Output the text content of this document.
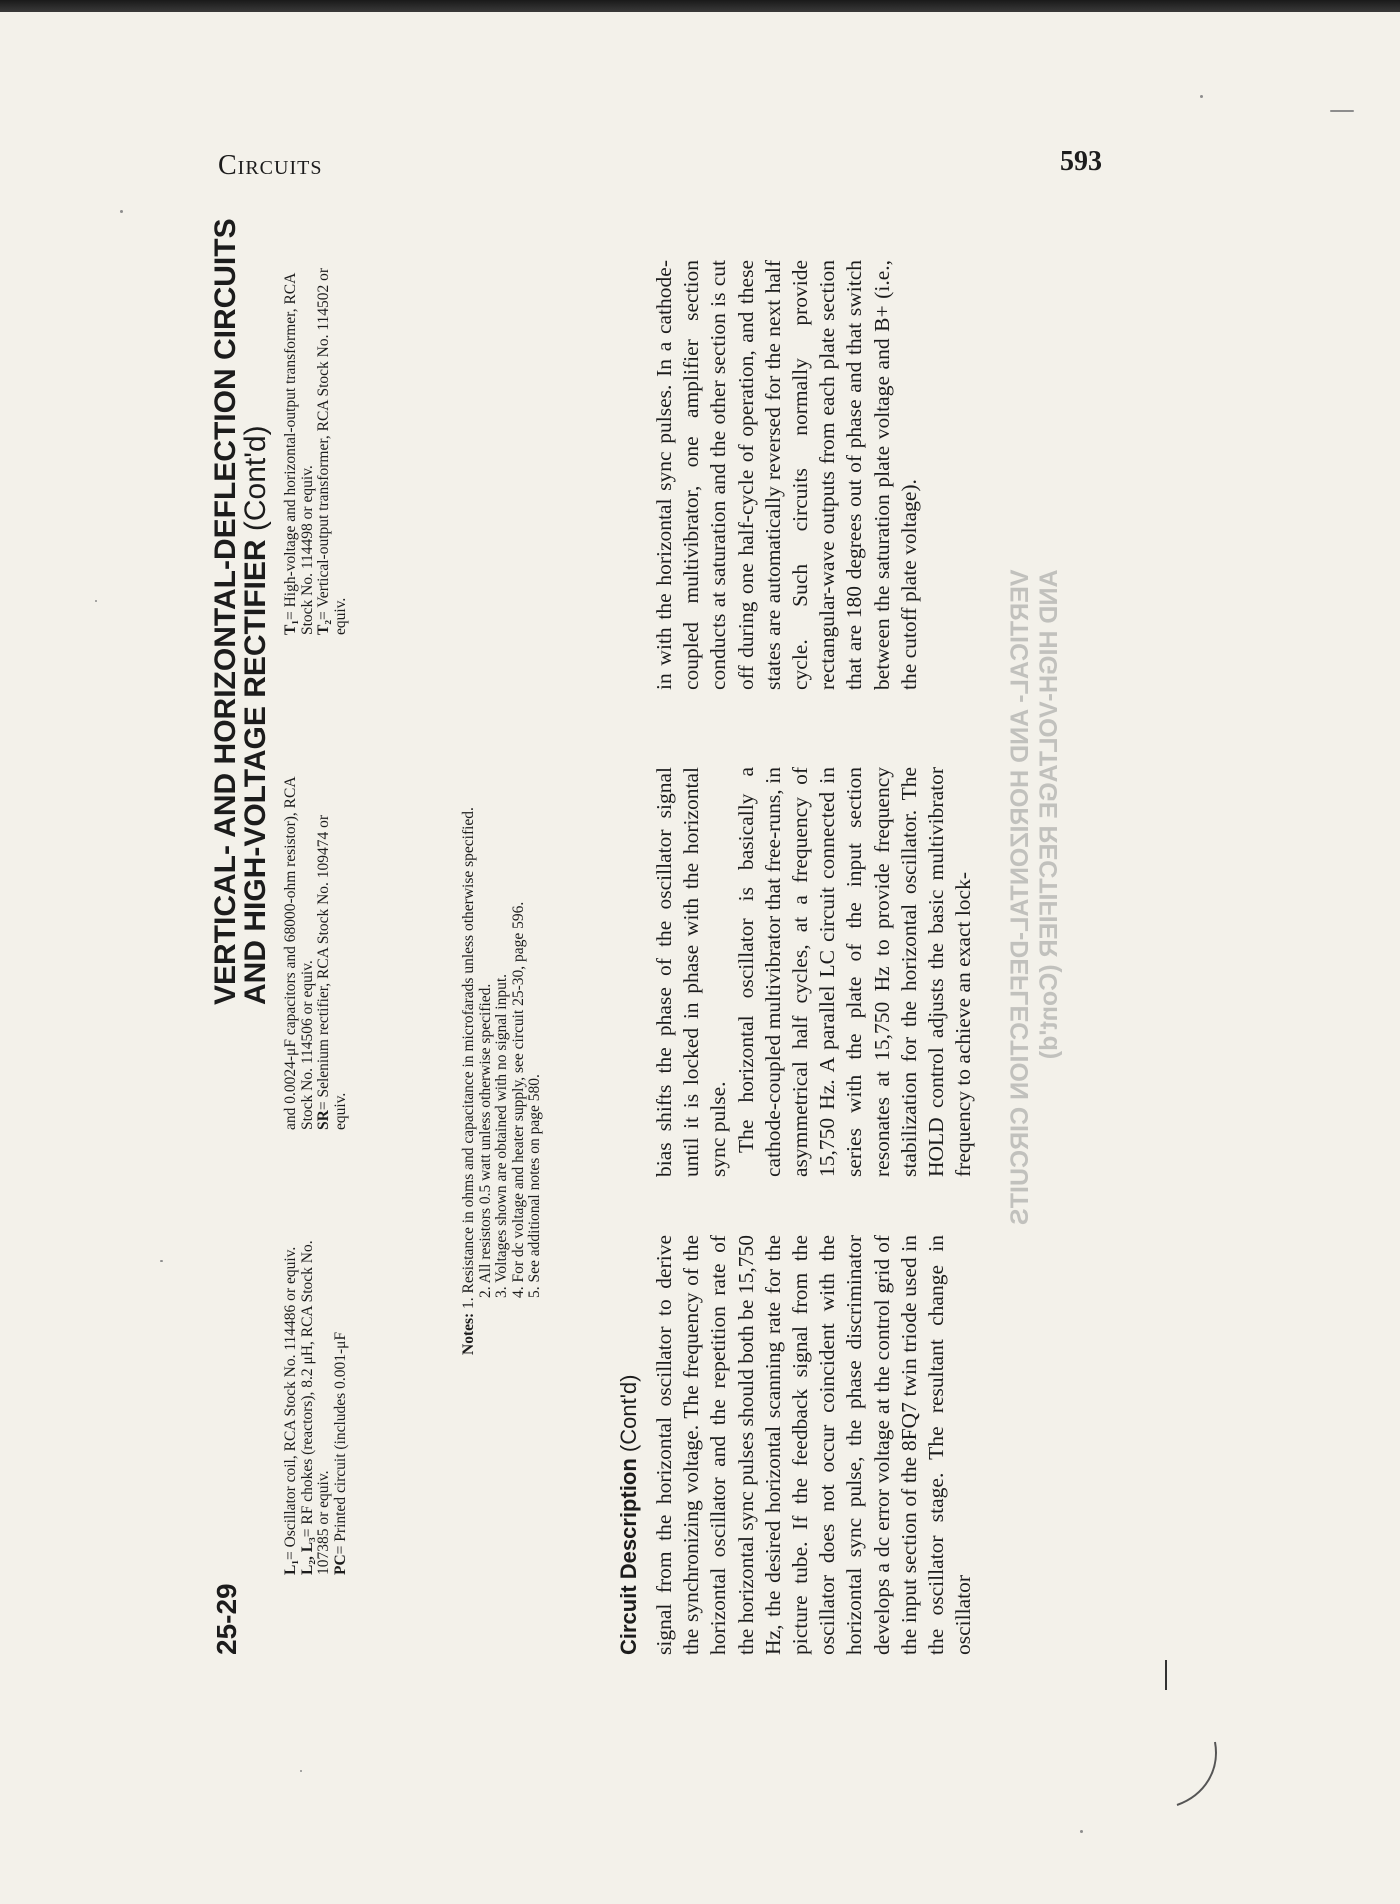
Circuits	593
25-29
VERTICAL- AND HORIZONTAL-DEFLECTION CIRCUITS
AND HIGH-VOLTAGE RECTIFIER (Cont'd)

L₁= Oscillator coil, RCA Stock No. 114486 or equiv. L₂, L₃= RF chokes (reactors), 8.2 μH, RCA Stock No. 107385 or equiv. PC= Printed circuit (includes 0.001-μF

and 0.0024-μF capacitors and 68000-ohm resistor), RCA Stock No. 114506 or equiv. SR= Selenium rectifier, RCA Stock No. 109474 or equiv.

T₁= High-voltage and horizontal-output transformer, RCA Stock No. 114498 or equiv. T₂= Vertical-output transformer, RCA Stock No. 114502 or equiv.

Notes: 1. Resistance in ohms and capacitance in microfarads unless otherwise specified. 2. All resistors 0.5 watt unless otherwise specified. 3. Voltages shown are obtained with no signal input. 4. For dc voltage and heater supply, see circuit 25-30, page 596. 5. See additional notes on page 580.
Circuit Description (Cont'd) signal from the horizontal oscillator to derive the synchronizing voltage. The frequency of the horizontal oscillator and the repetition rate of the horizontal sync pulses should both be 15,750 Hz, the desired horizontal scanning rate for the picture tube. If the feedback signal from the oscillator does not occur coincident with the horizontal sync pulse, the phase discriminator develops a dc error voltage at the control grid of the input section of the 8FQ7 twin triode used in the oscillator stage. The resultant change in oscillator

bias shifts the phase of the oscillator signal until it is locked in phase with the horizontal sync pulse. The horizontal oscillator is basically a cathode-coupled multivibrator that free-runs, in asymmetrical half cycles, at a frequency of 15,750 Hz. A parallel LC circuit connected in series with the plate of the input section resonates at 15,750 Hz to provide frequency stabilization for the horizontal oscillator. The HOLD control adjusts the basic multivibrator frequency to achieve an exact lock-

in with the horizontal sync pulses. In a cathode-coupled multivibrator, one amplifier section conducts at saturation and the other section is cut off during one half-cycle of operation, and these states are automatically reversed for the next half cycle. Such circuits normally provide rectangular-wave outputs from each plate section that are 180 degrees out of phase and that switch between the saturation plate voltage and B+ (i.e., the cutoff plate voltage).	VERTICAL- AND HORIZONTAL-DEFLECTION CIRCUITS AND HIGH-VOLTAGE RECTIFIER (Cont'd)
